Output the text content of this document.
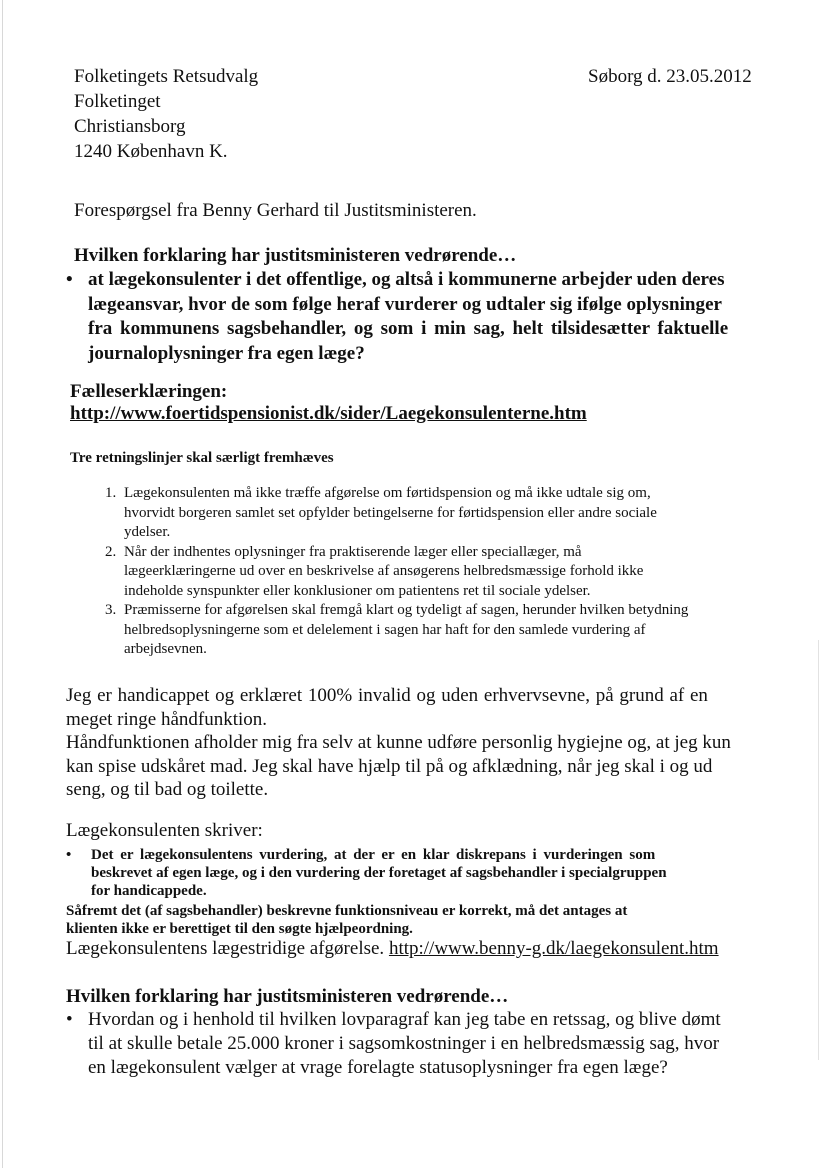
Folketingets Retsudvalg
Folketinget
Christiansborg
1240 København K.
Søborg d. 23.05.2012
Forespørgsel fra Benny Gerhard til Justitsministeren.
Hvilken forklaring har justitsministeren vedrørende…
• at lægekonsulenter i det offentlige, og altså i kommunerne arbejder uden deres
lægeansvar, hvor de som følge heraf vurderer og udtaler sig ifølge oplysninger
fra kommunens sagsbehandler, og som i min sag, helt tilsidesætter faktuelle
journaloplysninger fra egen læge?
Fælleserklæringen:
http://www.foertidspensionist.dk/sider/Laegekonsulenterne.htm
Tre retningslinjer skal særligt fremhæves
1. Lægekonsulenten må ikke træffe afgørelse om førtidspension og må ikke udtale sig om,
hvorvidt borgeren samlet set opfylder betingelserne for førtidspension eller andre sociale
ydelser.
2. Når der indhentes oplysninger fra praktiserende læger eller speciallæger, må
lægeerklæringerne ud over en beskrivelse af ansøgerens helbredsmæssige forhold ikke
indeholde synspunkter eller konklusioner om patientens ret til sociale ydelser.
3. Præmisserne for afgørelsen skal fremgå klart og tydeligt af sagen, herunder hvilken betydning
helbredsoplysningerne som et delelement i sagen har haft for den samlede vurdering af
arbejdsevnen.
Jeg er handicappet og erklæret 100% invalid og uden erhvervsevne, på grund af en
meget ringe håndfunktion.
Håndfunktionen afholder mig fra selv at kunne udføre personlig hygiejne og, at jeg kun
kan spise udskåret mad. Jeg skal have hjælp til på og afklædning, når jeg skal i og ud
seng, og til bad og toilette.
Lægekonsulenten skriver:
•	Det er lægekonsulentens vurdering, at der er en klar diskrepans i vurderingen som
beskrevet af egen læge, og i den vurdering der foretaget af sagsbehandler i specialgruppen
for handicappede.
Såfremt det (af sagsbehandler) beskrevne funktionsniveau er korrekt, må det antages at
klienten ikke er berettiget til den søgte hjælpeordning.
Lægekonsulentens lægestridige afgørelse. http://www.benny-g.dk/laegekonsulent.htm
Hvilken forklaring har justitsministeren vedrørende…
• Hvordan og i henhold til hvilken lovparagraf kan jeg tabe en retssag, og blive dømt
til at skulle betale 25.000 kroner i sagsomkostninger i en helbredsmæssig sag, hvor
en lægekonsulent vælger at vrage forelagte statusoplysninger fra egen læge?
